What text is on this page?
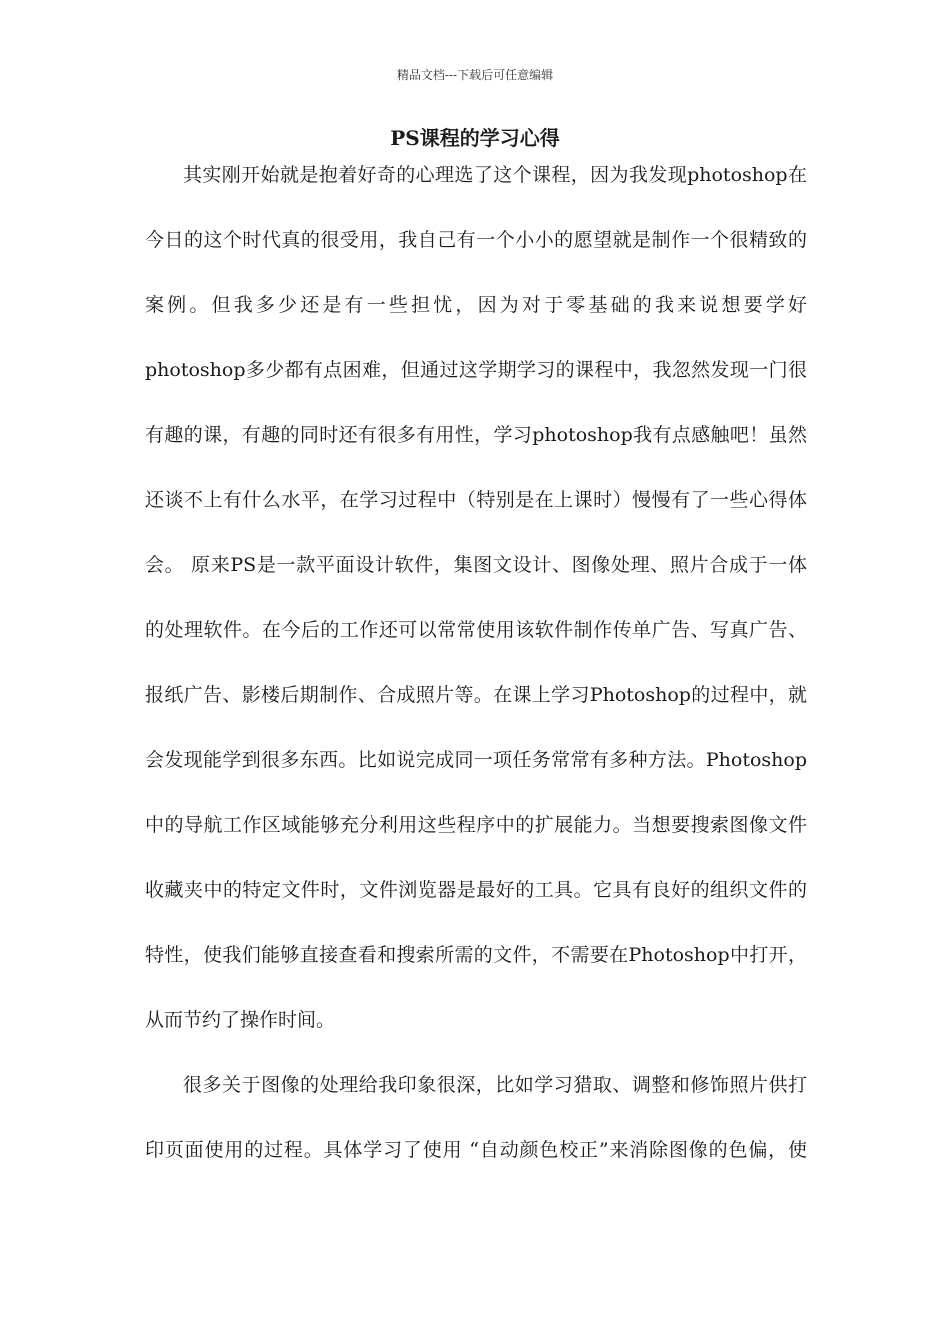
精品文档---下载后可任意编辑
PS课程的学习心得

其实刚开始就是抱着好奇的心理选了这个课程，因为我发现photoshop在
今日的这个时代真的很受用，我自己有一个小小的愿望就是制作一个很精致的
案例。但我多少还是有一些担忧，因为对于零基础的我来说想要学好
photoshop多少都有点困难，但通过这学期学习的课程中，我忽然发现一门很
有趣的课，有趣的同时还有很多有用性，学习photoshop我有点感触吧！虽然
还谈不上有什么水平，在学习过程中（特别是在上课时）慢慢有了一些心得体
会。 原来PS是一款平面设计软件，集图文设计、图像处理、照片合成于一体
的处理软件。在今后的工作还可以常常使用该软件制作传单广告、写真广告、
报纸广告、影楼后期制作、合成照片等。在课上学习Photoshop的过程中，就
会发现能学到很多东西。比如说完成同一项任务常常有多种方法。Photoshop
中的导航工作区域能够充分利用这些程序中的扩展能力。当想要搜索图像文件
收藏夹中的特定文件时，文件浏览器是最好的工具。它具有良好的组织文件的
特性，使我们能够直接查看和搜索所需的文件，不需要在Photoshop中打开，
从而节约了操作时间。

很多关于图像的处理给我印象很深，比如学习猎取、调整和修饰照片供打
印页面使用的过程。具体学习了使用 “自动颜色校正”来消除图像的色偏，使
